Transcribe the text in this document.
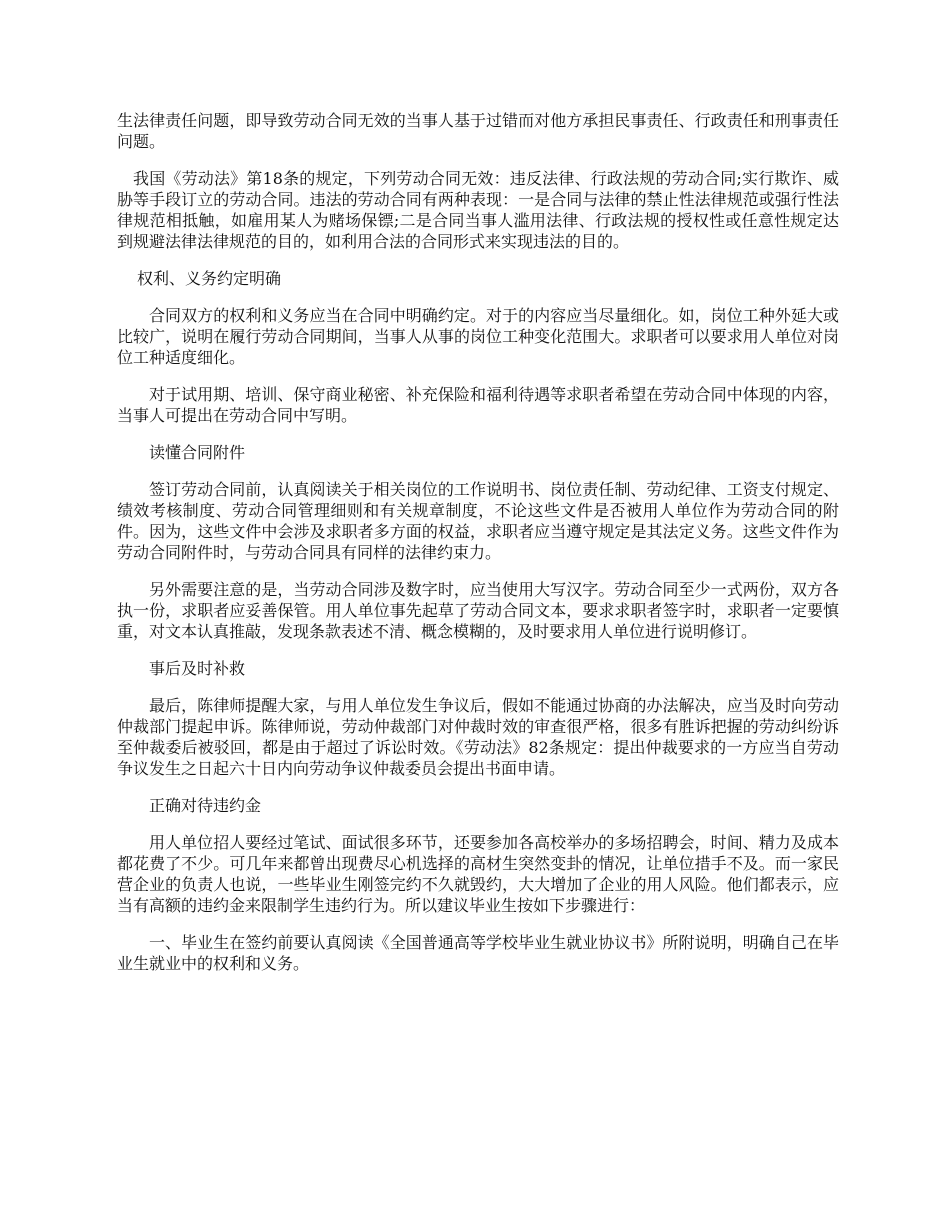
生法律责任问题，即导致劳动合同无效的当事人基于过错而对他方承担民事责任、行政责任和刑事责任问题。

我国《劳动法》第18条的规定，下列劳动合同无效：违反法律、行政法规的劳动合同;实行欺诈、威胁等手段订立的劳动合同。违法的劳动合同有两种表现：一是合同与法律的禁止性法律规范或强行性法律规范相抵触，如雇用某人为赌场保镖;二是合同当事人滥用法律、行政法规的授权性或任意性规定达到规避法律法律规范的目的，如利用合法的合同形式来实现违法的目的。

权利、义务约定明确

合同双方的权利和义务应当在合同中明确约定。对于的内容应当尽量细化。如，岗位工种外延大或比较广，说明在履行劳动合同期间，当事人从事的岗位工种变化范围大。求职者可以要求用人单位对岗位工种适度细化。

对于试用期、培训、保守商业秘密、补充保险和福利待遇等求职者希望在劳动合同中体现的内容，当事人可提出在劳动合同中写明。

读懂合同附件

签订劳动合同前，认真阅读关于相关岗位的工作说明书、岗位责任制、劳动纪律、工资支付规定、绩效考核制度、劳动合同管理细则和有关规章制度，不论这些文件是否被用人单位作为劳动合同的附件。因为，这些文件中会涉及求职者多方面的权益，求职者应当遵守规定是其法定义务。这些文件作为劳动合同附件时，与劳动合同具有同样的法律约束力。

另外需要注意的是，当劳动合同涉及数字时，应当使用大写汉字。劳动合同至少一式两份，双方各执一份，求职者应妥善保管。用人单位事先起草了劳动合同文本，要求求职者签字时，求职者一定要慎重，对文本认真推敲，发现条款表述不清、概念模糊的，及时要求用人单位进行说明修订。

事后及时补救

最后，陈律师提醒大家，与用人单位发生争议后，假如不能通过协商的办法解决，应当及时向劳动仲裁部门提起申诉。陈律师说，劳动仲裁部门对仲裁时效的审查很严格，很多有胜诉把握的劳动纠纷诉至仲裁委后被驳回，都是由于超过了诉讼时效。《劳动法》82条规定：提出仲裁要求的一方应当自劳动争议发生之日起六十日内向劳动争议仲裁委员会提出书面申请。

正确对待违约金

用人单位招人要经过笔试、面试很多环节，还要参加各高校举办的多场招聘会，时间、精力及成本都花费了不少。可几年来都曾出现费尽心机选择的高材生突然变卦的情况，让单位措手不及。而一家民营企业的负责人也说，一些毕业生刚签完约不久就毁约，大大增加了企业的用人风险。他们都表示，应当有高额的违约金来限制学生违约行为。所以建议毕业生按如下步骤进行：

一、毕业生在签约前要认真阅读《全国普通高等学校毕业生就业协议书》所附说明，明确自己在毕业生就业中的权利和义务。
